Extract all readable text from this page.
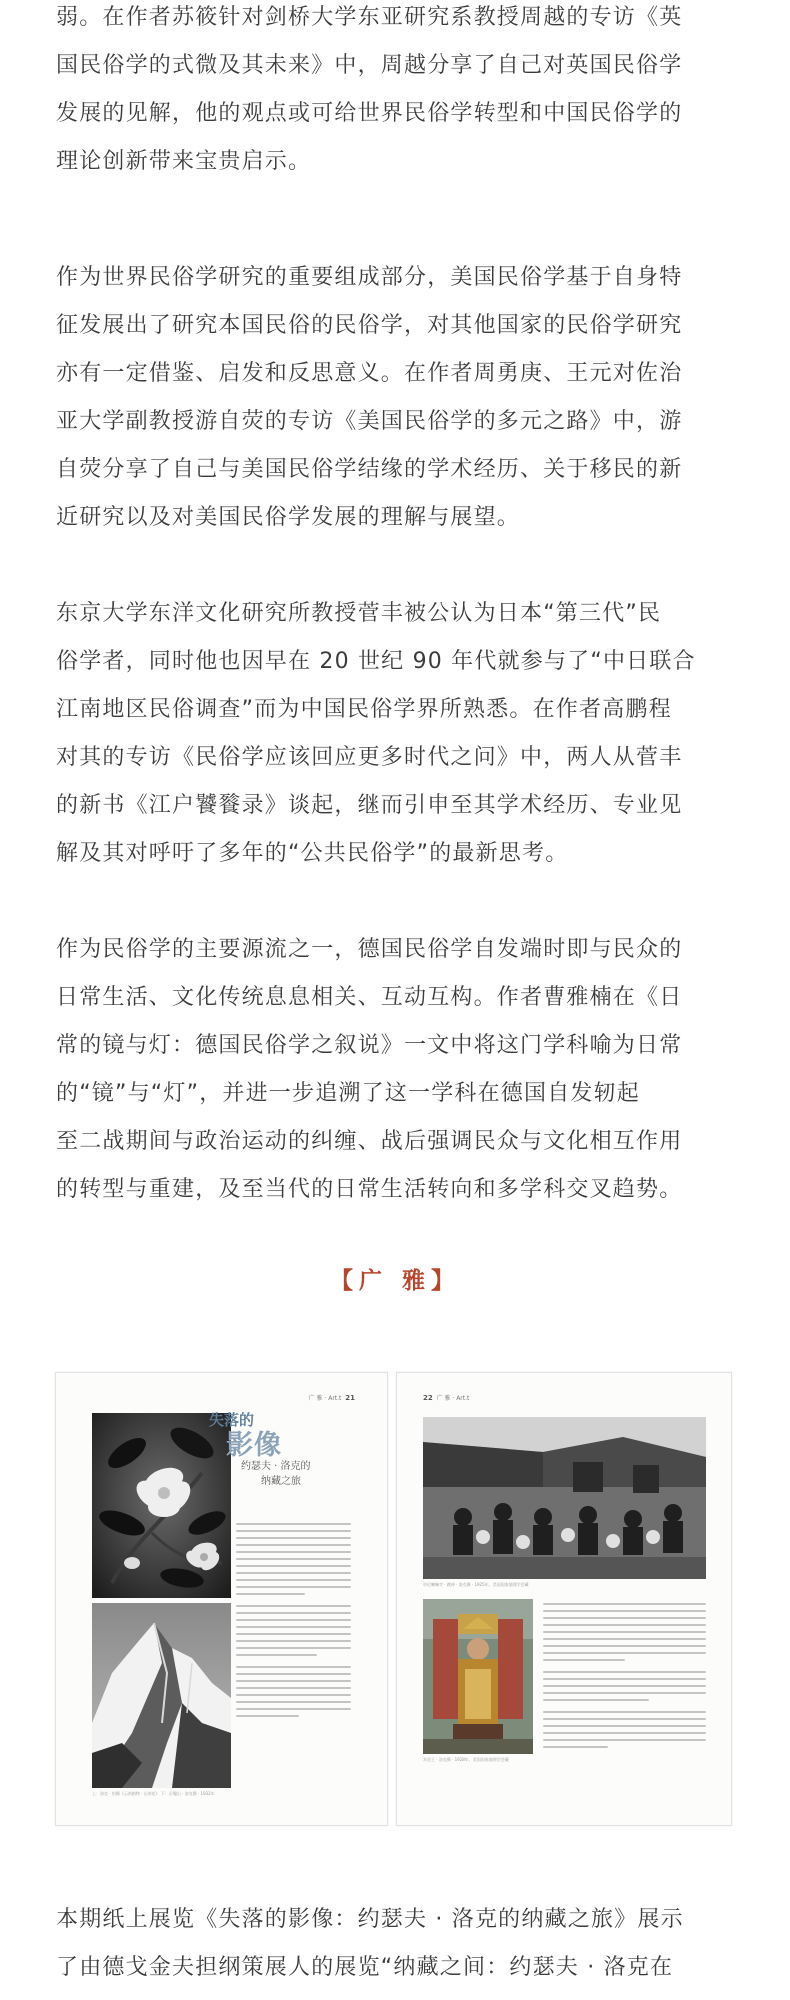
弱。在作者苏筱针对剑桥大学东亚研究系教授周越的专访《英
国民俗学的式微及其未来》中，周越分享了自己对英国民俗学
发展的见解，他的观点或可给世界民俗学转型和中国民俗学的
理论创新带来宝贵启示。
作为世界民俗学研究的重要组成部分，美国民俗学基于自身特
征发展出了研究本国民俗的民俗学，对其他国家的民俗学研究
亦有一定借鉴、启发和反思意义。在作者周勇庚、王元对佐治
亚大学副教授游自荧的专访《美国民俗学的多元之路》中，游
自荧分享了自己与美国民俗学结缘的学术经历、关于移民的新
近研究以及对美国民俗学发展的理解与展望。
东京大学东洋文化研究所教授菅丰被公认为日本“第三代”民
俗学者，同时他也因早在 20 世纪 90 年代就参与了“中日联合
江南地区民俗调查”而为中国民俗学界所熟悉。在作者高鹏程
对其的专访《民俗学应该回应更多时代之问》中，两人从菅丰
的新书《江户饕餮录》谈起，继而引申至其学术经历、专业见
解及其对呼吁了多年的“公共民俗学”的最新思考。
作为民俗学的主要源流之一，德国民俗学自发端时即与民众的
日常生活、文化传统息息相关、互动互构。作者曹雅楠在《日
常的镜与灯：德国民俗学之叙说》一文中将这门学科喻为日常
的“镜”与“灯”，并进一步追溯了这一学科在德国自发轫起
至二战期间与政治运动的纠缠、战后强调民众与文化相互作用
的转型与重建，及至当代的日常生活转向和多学科交叉趋势。
【广 雅】
广 雅 · Art.t 21
上：洛克 · 拍摄《云南植物 · 山茶花》 下：贡嘎山 · 洛克摄 · 1932年
失落的
影像
约瑟夫 · 洛克的
纳藏之旅
22 广 雅 · Art.t
卓尼喇嘛寺 · 跳神 · 洛克摄 · 1925年，美国国家地理学会藏
木里王 · 洛克摄 · 1928年，美国国家地理学会藏
本期纸上展览《失落的影像：约瑟夫 · 洛克的纳藏之旅》展示
了由德戈金夫担纲策展人的展览“纳藏之间：约瑟夫 · 洛克在
